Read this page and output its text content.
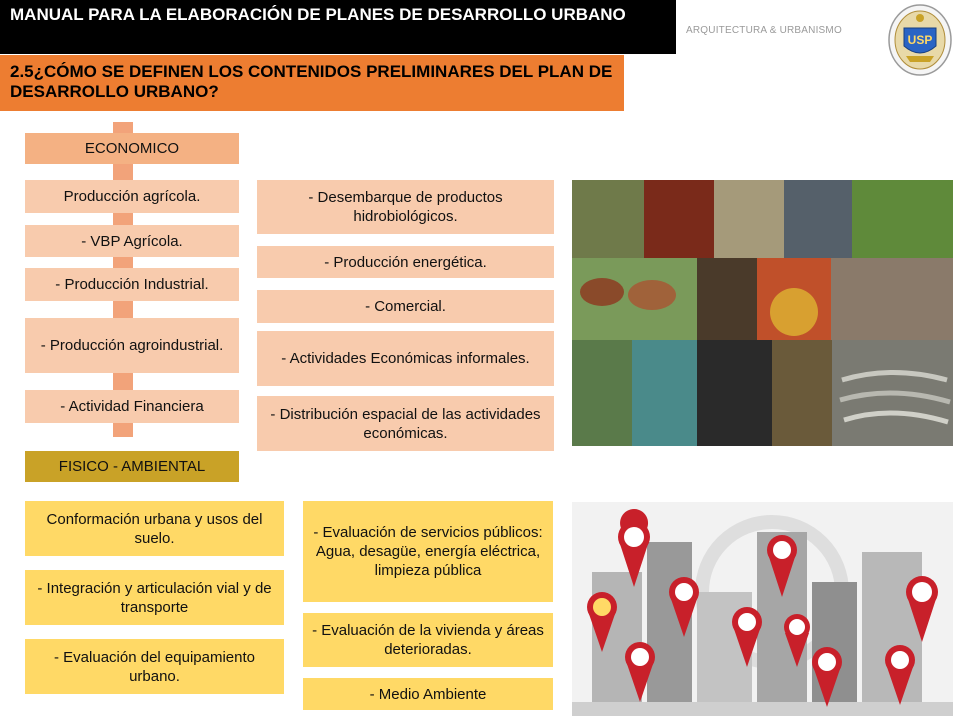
MANUAL PARA LA ELABORACIÓN DE PLANES DE DESARROLLO URBANO
ARQUITECTURA & URBANISMO
USP
2.5¿CÓMO SE DEFINEN LOS CONTENIDOS PRELIMINARES DEL PLAN DE DESARROLLO URBANO?
ECONOMICO
Producción agrícola.
- VBP Agrícola.
- Producción Industrial.
- Producción agroindustrial.
- Actividad Financiera
- Desembarque de productos hidrobiológicos.
- Producción energética.
- Comercial.
- Actividades Económicas informales.
- Distribución espacial de las actividades económicas.
FISICO - AMBIENTAL
Conformación urbana y usos del suelo.
- Integración y articulación vial y de transporte
- Evaluación del equipamiento urbano.
- Evaluación de servicios públicos: Agua, desagüe, energía eléctrica, limpieza pública
- Evaluación de la vivienda y áreas deterioradas.
- Medio Ambiente
